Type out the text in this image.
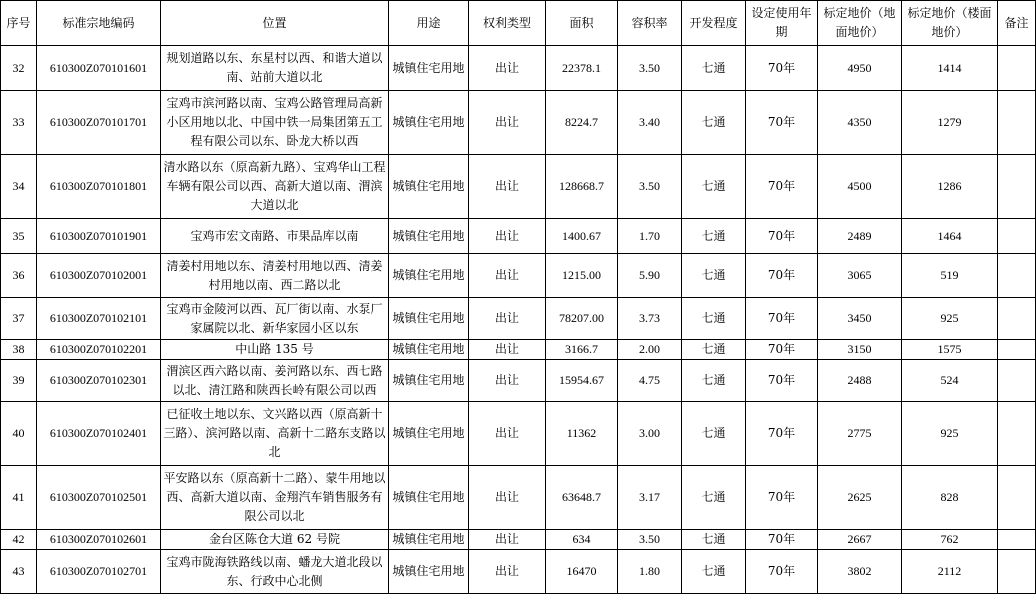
序号	标准宗地编码	位置	用途	权利类型	面积	容积率	开发程度	设定使用年期	标定地价（地面地价）	标定地价（楼面地价）	备注
32	610300Z070101601	规划道路以东、东星村以西、和谐大道以南、站前大道以北	城镇住宅用地	出让	22378.1	3.50	七通	70年	4950	1414	
33	610300Z070101701	宝鸡市滨河路以南、宝鸡公路管理局高新小区用地以北、中国中铁一局集团第五工程有限公司以东、卧龙大桥以西	城镇住宅用地	出让	8224.7	3.40	七通	70年	4350	1279	
34	610300Z070101801	清水路以东（原高新九路）、宝鸡华山工程车辆有限公司以西、高新大道以南、渭滨大道以北	城镇住宅用地	出让	128668.7	3.50	七通	70年	4500	1286	
35	610300Z070101901	宝鸡市宏文南路、市果品库以南	城镇住宅用地	出让	1400.67	1.70	七通	70年	2489	1464	
36	610300Z070102001	清姜村用地以东、清姜村用地以西、清姜村用地以南、西二路以北	城镇住宅用地	出让	1215.00	5.90	七通	70年	3065	519	
37	610300Z070102101	宝鸡市金陵河以西、瓦厂街以南、水泵厂家属院以北、新华家园小区以东	城镇住宅用地	出让	78207.00	3.73	七通	70年	3450	925	
38	610300Z070102201	中山路 135 号	城镇住宅用地	出让	3166.7	2.00	七通	70年	3150	1575	
39	610300Z070102301	渭滨区西六路以南、姜河路以东、西七路以北、清江路和陕西长岭有限公司以西	城镇住宅用地	出让	15954.67	4.75	七通	70年	2488	524	
40	610300Z070102401	已征收土地以东、文兴路以西（原高新十三路）、滨河路以南、高新十二路东支路以北	城镇住宅用地	出让	11362	3.00	七通	70年	2775	925	
41	610300Z070102501	平安路以东（原高新十二路）、蒙牛用地以西、高新大道以南、金翔汽车销售服务有限公司以北	城镇住宅用地	出让	63648.7	3.17	七通	70年	2625	828	
42	610300Z070102601	金台区陈仓大道 62 号院	城镇住宅用地	出让	634	3.50	七通	70年	2667	762	
43	610300Z070102701	宝鸡市陇海铁路线以南、蟠龙大道北段以东、行政中心北侧	城镇住宅用地	出让	16470	1.80	七通	70年	3802	2112	
